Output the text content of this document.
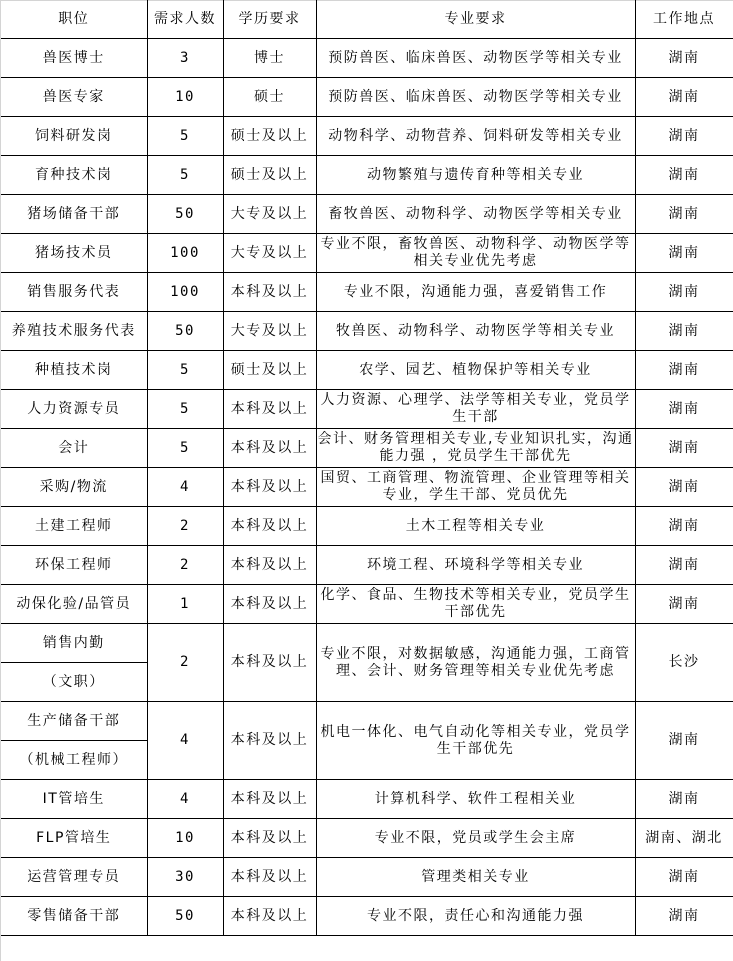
职位	需求人数	学历要求	专业要求	工作地点
兽医博士	3	博士	预防兽医、临床兽医、动物医学等相关专业	湖南
兽医专家	10	硕士	预防兽医、临床兽医、动物医学等相关专业	湖南
饲料研发岗	5	硕士及以上	动物科学、动物营养、饲料研发等相关专业	湖南
育种技术岗	5	硕士及以上	动物繁殖与遗传育种等相关专业	湖南
猪场储备干部	50	大专及以上	畜牧兽医、动物科学、动物医学等相关专业	湖南
猪场技术员	100	大专及以上	专业不限，畜牧兽医、动物科学、动物医学等相关专业优先考虑	湖南
销售服务代表	100	本科及以上	专业不限，沟通能力强，喜爱销售工作	湖南
养殖技术服务代表	50	大专及以上	牧兽医、动物科学、动物医学等相关专业	湖南
种植技术岗	5	硕士及以上	农学、园艺、植物保护等相关专业	湖南
人力资源专员	5	本科及以上	人力资源、心理学、法学等相关专业，党员学生干部	湖南
会计	5	本科及以上	会计、财务管理相关专业,专业知识扎实，沟通能力强 ，党员学生干部优先	湖南
采购/物流	4	本科及以上	国贸、工商管理、物流管理、企业管理等相关专业，学生干部、党员优先	湖南
土建工程师	2	本科及以上	土木工程等相关专业	湖南
环保工程师	2	本科及以上	环境工程、环境科学等相关专业	湖南
动保化验/品管员	1	本科及以上	化学、食品、生物技术等相关专业，党员学生干部优先	湖南
销售内勤	2	本科及以上	专业不限，对数据敏感，沟通能力强，工商管理、会计、财务管理等相关专业优先考虑	长沙
（文职）				
生产储备干部	4	本科及以上	机电一体化、电气自动化等相关专业，党员学生干部优先	湖南
（机械工程师）				
IT管培生	4	本科及以上	计算机科学、软件工程相关业	湖南
FLP管培生	10	本科及以上	专业不限，党员或学生会主席	湖南、湖北
运营管理专员	30	本科及以上	管理类相关专业	湖南
零售储备干部	50	本科及以上	专业不限，责任心和沟通能力强	湖南
